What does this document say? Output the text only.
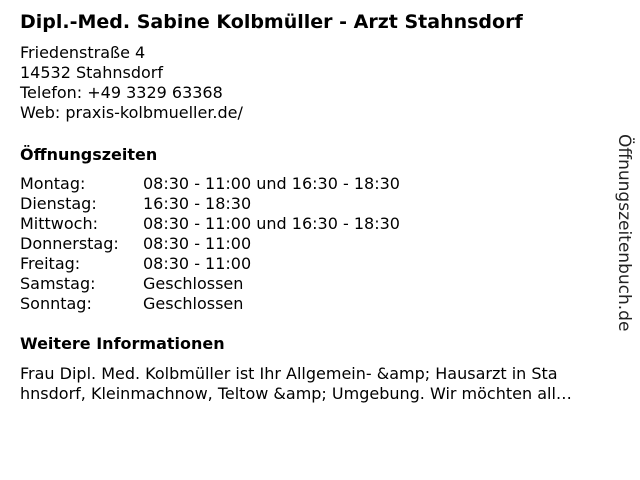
Dipl.-Med. Sabine Kolbmüller - Arzt Stahnsdorf
Friedenstraße 4
14532 Stahnsdorf
Telefon: +49 3329 63368
Web: praxis-kolbmueller.de/
Öffnungszeiten
Montag:	08:30 - 11:00 und 16:30 - 18:30
Dienstag:	16:30 - 18:30
Mittwoch:	08:30 - 11:00 und 16:30 - 18:30
Donnerstag: 08:30 - 11:00
Freitag:	08:30 - 11:00
Samstag:	Geschlossen
Sonntag:	Geschlossen
Weitere Informationen
Frau Dipl. Med. Kolbmüller ist Ihr Allgemein- &amp; Hausarzt in Sta
hnsdorf, Kleinmachnow, Teltow &amp; Umgebung. Wir möchten all…
Öffnungszeitenbuch.de
